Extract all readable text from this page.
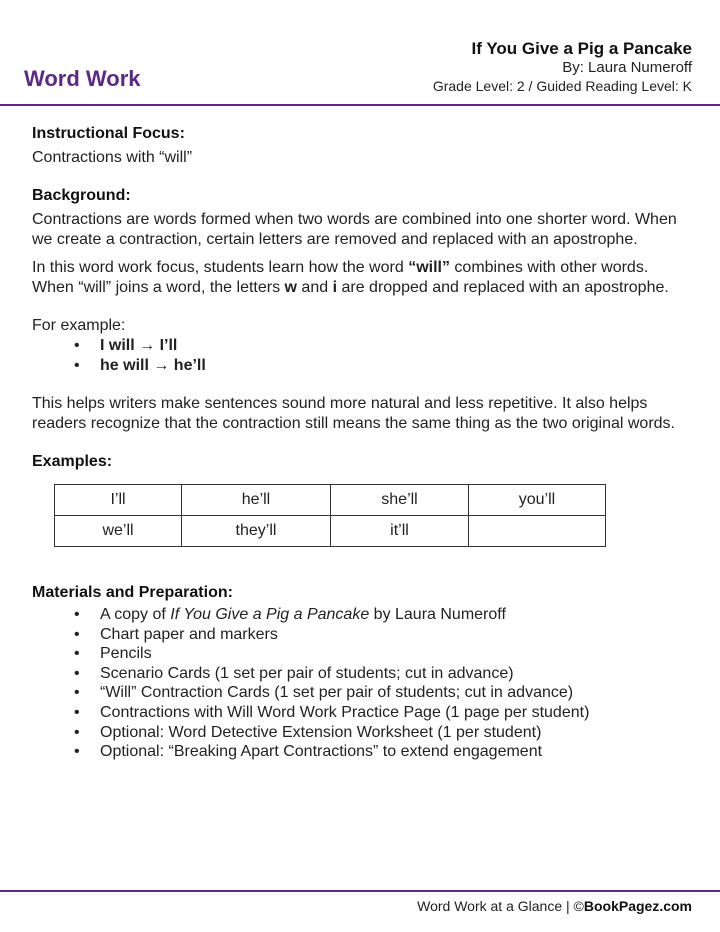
Word Work
If You Give a Pig a Pancake
By: Laura Numeroff
Grade Level: 2 / Guided Reading Level: K
Instructional Focus:

Contractions with “will”

Background:

Contractions are words formed when two words are combined into one shorter word. When we create a contraction, certain letters are removed and replaced with an apostrophe.

In this word work focus, students learn how the word “will” combines with other words. When “will” joins a word, the letters w and i are dropped and replaced with an apostrophe.

For example:

• I will → I’ll
• he will → he’ll

This helps writers make sentences sound more natural and less repetitive. It also helps readers recognize that the contraction still means the same thing as the two original words.

Examples:
I’ll	he’ll	she’ll	you’ll
we’ll	they’ll	it’ll	
Materials and Preparation:
• A copy of If You Give a Pig a Pancake by Laura Numeroff
• Chart paper and markers
• Pencils
• Scenario Cards (1 set per pair of students; cut in advance)
• “Will” Contraction Cards (1 set per pair of students; cut in advance)
• Contractions with Will Word Work Practice Page (1 page per student)
• Optional: Word Detective Extension Worksheet (1 per student)
• Optional: “Breaking Apart Contractions” to extend engagement
Word Work at a Glance | ©BookPagez.com
